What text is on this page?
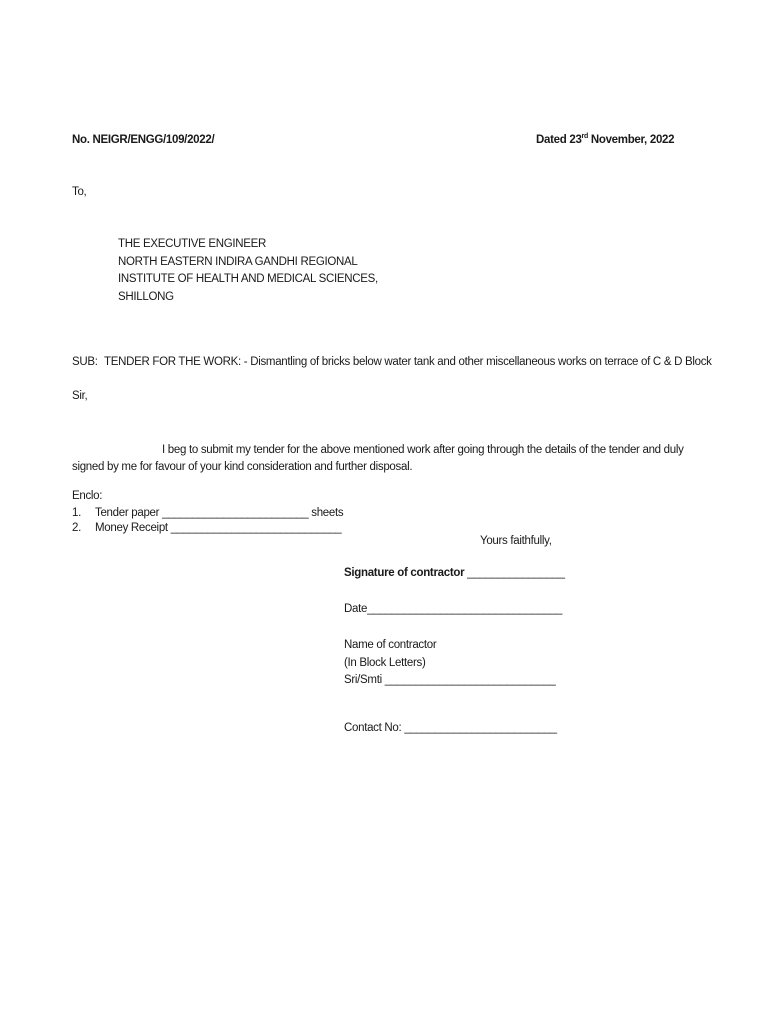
No. NEIGR/ENGG/109/2022/	Dated 23rd November, 2022
To,
THE EXECUTIVE ENGINEER
NORTH EASTERN INDIRA GANDHI REGIONAL
INSTITUTE OF HEALTH AND MEDICAL SCIENCES,
SHILLONG
SUB: TENDER FOR THE WORK: - Dismantling of bricks below water tank and other miscellaneous works on terrace of C & D Block
Sir,
I beg to submit my tender for the above mentioned work after going through the details of the tender and duly signed by me for favour of your kind consideration and further disposal.
Enclo:
1.	Tender paper ________________________ sheets
2.	Money Receipt ____________________________
Yours faithfully,
Signature of contractor ________________
Date________________________________
Name of contractor
(In Block Letters)
Sri/Smti ____________________________
Contact No: _________________________
